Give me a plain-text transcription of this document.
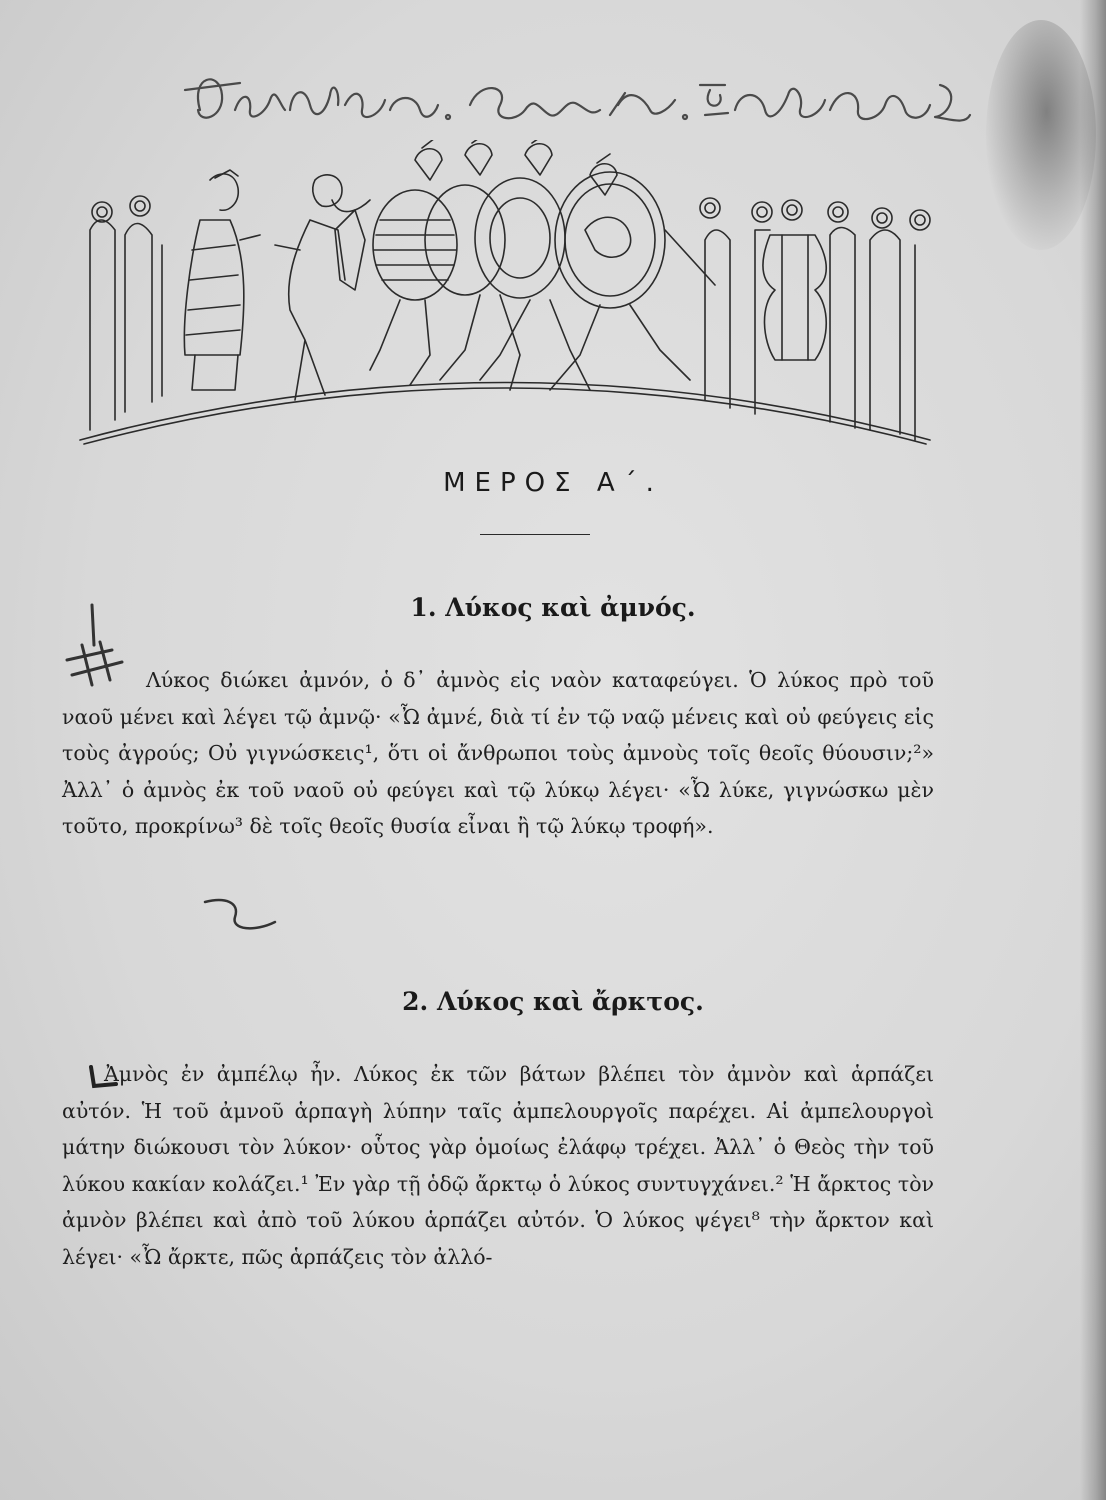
ΜΕΡΟΣ Α΄.
1. Λύκος καὶ ἀμνός.
Λύκος διώκει ἀμνόν, ὁ δ᾽ ἀμνὸς εἰς ναὸν καταφεύγει. Ὁ λύκος πρὸ τοῦ ναοῦ μένει καὶ λέγει τῷ ἀμνῷ· «Ὦ ἀμνέ, διὰ τί ἐν τῷ ναῷ μένεις καὶ οὐ φεύγεις εἰς τοὺς ἀγρούς; Οὐ γιγνώσκεις¹, ὅτι οἱ ἄνθρωποι τοὺς ἀμνοὺς τοῖς θεοῖς θύουσιν;²» Ἀλλ᾽ ὁ ἀμνὸς ἐκ τοῦ ναοῦ οὐ φεύγει καὶ τῷ λύκῳ λέγει· «Ὦ λύκε, γιγνώσκω μὲν τοῦτο, προκρίνω³ δὲ τοῖς θεοῖς θυσία εἶναι ἢ τῷ λύκῳ τροφή».
2. Λύκος καὶ ἄρκτος.
Ἀμνὸς ἐν ἀμπέλῳ ἦν. Λύκος ἐκ τῶν βάτων βλέπει τὸν ἀμνὸν καὶ ἁρπάζει αὐτόν. Ἡ τοῦ ἀμνοῦ ἁρπαγὴ λύπην ταῖς ἀμπελουργοῖς παρέχει. Αἱ ἀμπελουργοὶ μάτην διώκουσι τὸν λύκον· οὗτος γὰρ ὁμοίως ἐλάφῳ τρέχει. Ἀλλ᾽ ὁ Θεὸς τὴν τοῦ λύκου κακίαν κολάζει.¹ Ἐν γὰρ τῇ ὁδῷ ἄρκτῳ ὁ λύκος συντυγχάνει.² Ἡ ἄρκτος τὸν ἀμνὸν βλέπει καὶ ἀπὸ τοῦ λύκου ἁρπάζει αὐτόν. Ὁ λύκος ψέγει⁸ τὴν ἄρκτον καὶ λέγει· «Ὦ ἄρκτε, πῶς ἁρπάζεις τὸν ἀλλό-
